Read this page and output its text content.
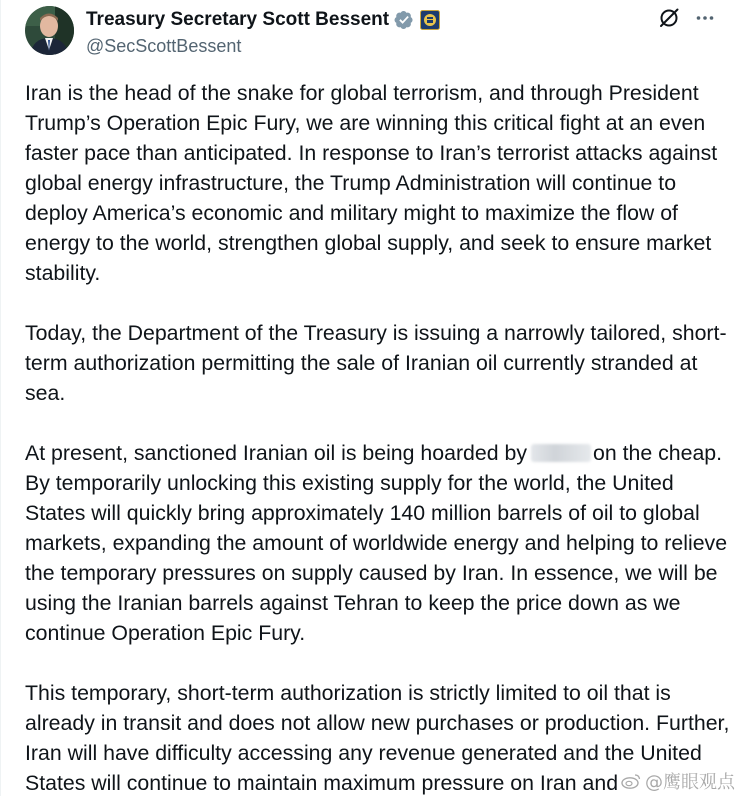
Treasury Secretary Scott Bessent
@SecScottBessent

Iran is the head of the snake for global terrorism, and through President Trump’s Operation Epic Fury, we are winning this critical fight at an even faster pace than anticipated. In response to Iran’s terrorist attacks against global energy infrastructure, the Trump Administration will continue to deploy America’s economic and military might to maximize the flow of energy to the world, strengthen global supply, and seek to ensure market stability.

Today, the Department of the Treasury is issuing a narrowly tailored, short-term authorization permitting the sale of Iranian oil currently stranded at sea.

At present, sanctioned Iranian oil is being hoarded by	on the cheap. By temporarily unlocking this existing supply for the world, the United States will quickly bring approximately 140 million barrels of oil to global markets, expanding the amount of worldwide energy and helping to relieve the temporary pressures on supply caused by Iran. In essence, we will be using the Iranian barrels against Tehran to keep the price down as we continue Operation Epic Fury.

This temporary, short-term authorization is strictly limited to oil that is already in transit and does not allow new purchases or production. Further, Iran will have difficulty accessing any revenue generated and the United States will continue to maintain maximum pressure on Iran and	@鹰眼观点
